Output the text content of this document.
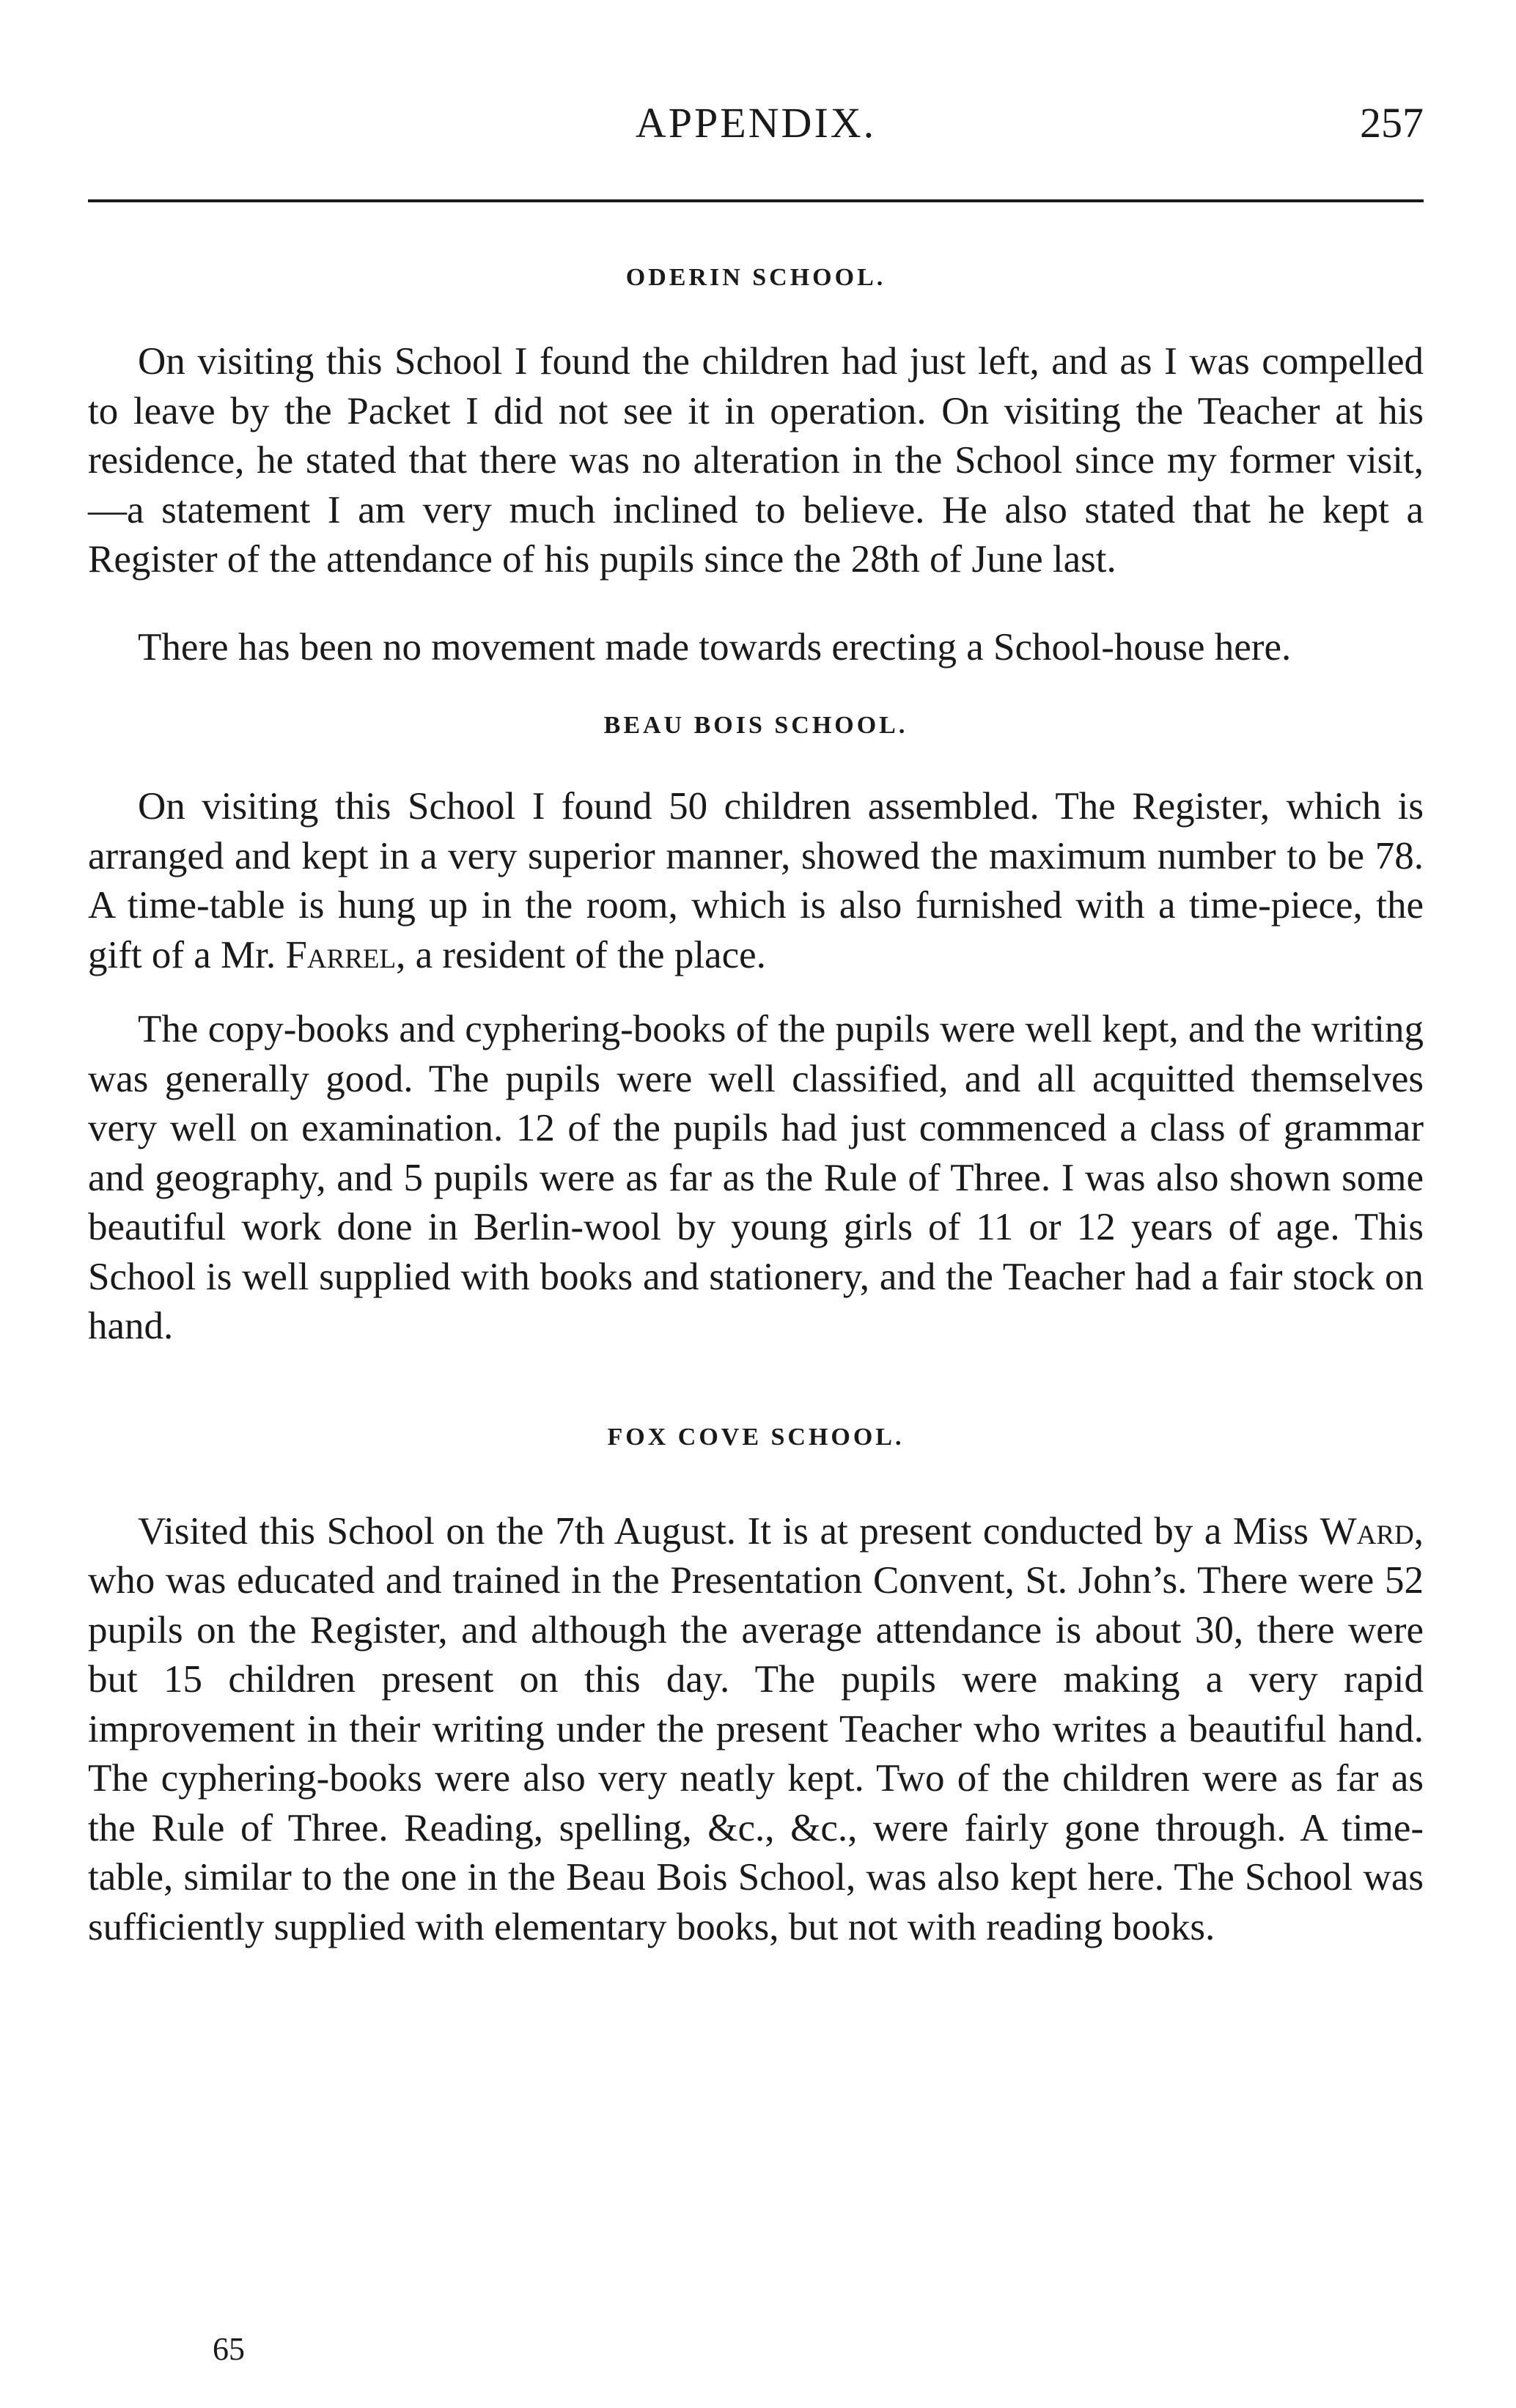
APPENDIX.	257
ODERIN SCHOOL.

On visiting this School I found the children had just left, and as I was compelled to leave by the Packet I did not see it in operation. On visiting the Teacher at his residence, he stated that there was no alteration in the School since my former visit,—a statement I am very much inclined to believe. He also stated that he kept a Register of the attendance of his pupils since the 28th of June last.

There has been no movement made towards erecting a School-house here.

BEAU BOIS SCHOOL.

On visiting this School I found 50 children assembled. The Register, which is arranged and kept in a very superior manner, showed the maximum number to be 78. A time-table is hung up in the room, which is also furnished with a time-piece, the gift of a Mr. Farrel, a resident of the place.

The copy-books and cyphering-books of the pupils were well kept, and the writing was generally good. The pupils were well classified, and all acquitted themselves very well on examination. 12 of the pupils had just commenced a class of grammar and geography, and 5 pupils were as far as the Rule of Three. I was also shown some beautiful work done in Berlin-wool by young girls of 11 or 12 years of age. This School is well supplied with books and stationery, and the Teacher had a fair stock on hand.

FOX COVE SCHOOL.

Visited this School on the 7th August. It is at present conducted by a Miss Ward, who was educated and trained in the Presentation Convent, St. John’s. There were 52 pupils on the Register, and although the average attendance is about 30, there were but 15 children present on this day. The pupils were making a very rapid improvement in their writing under the present Teacher who writes a beautiful hand. The cyphering-books were also very neatly kept. Two of the children were as far as the Rule of Three. Reading, spelling, &c., &c., were fairly gone through. A time-table, similar to the one in the Beau Bois School, was also kept here. The School was sufficiently supplied with elementary books, but not with reading books.

65
